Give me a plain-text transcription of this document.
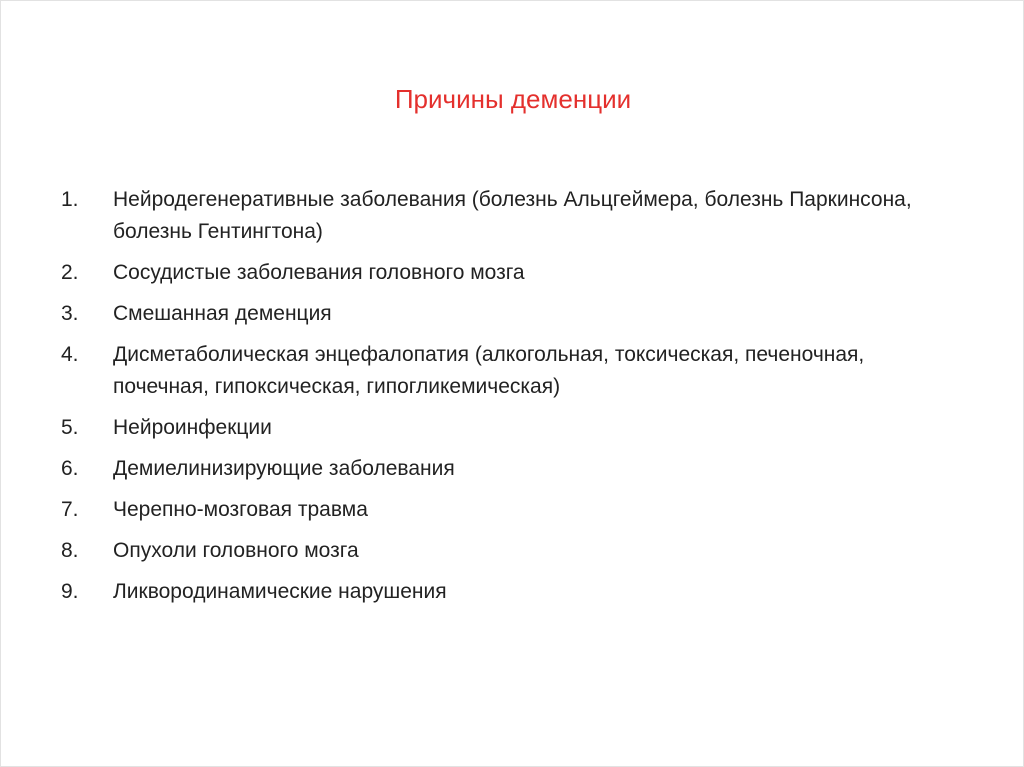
Причины деменции
1.	Нейродегенеративные заболевания (болезнь Альцгеймера, болезнь Паркинсона, болезнь Гентингтона)
2.	Сосудистые заболевания головного мозга
3.	Смешанная деменция
4.	Дисметаболическая энцефалопатия (алкогольная, токсическая, печеночная, почечная, гипоксическая, гипогликемическая)
5.	Нейроинфекции
6.	Демиелинизирующие заболевания
7.	Черепно-мозговая травма
8.	Опухоли головного мозга
9.	Ликвородинамические нарушения
